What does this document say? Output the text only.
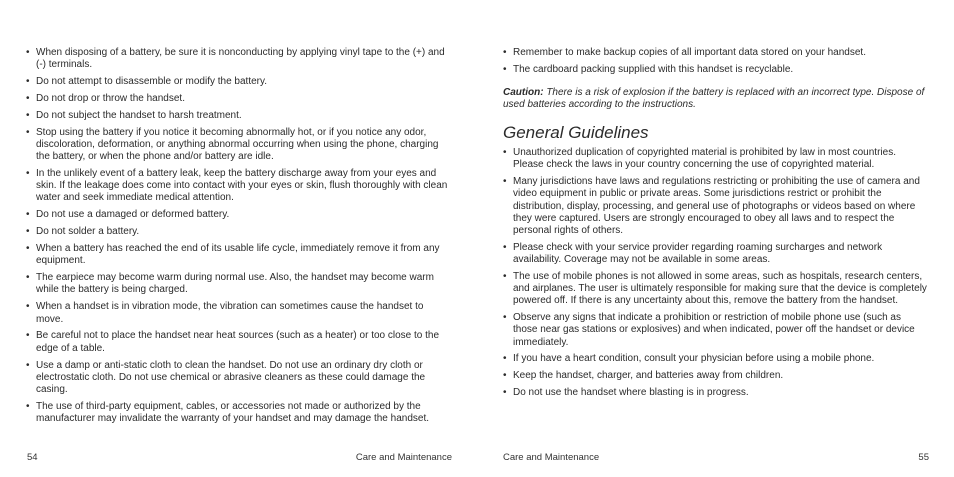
• When disposing of a battery, be sure it is nonconducting by applying vinyl tape to the (+) and (-) terminals.
• Do not attempt to disassemble or modify the battery.
• Do not drop or throw the handset.
• Do not subject the handset to harsh treatment.
• Stop using the battery if you notice it becoming abnormally hot, or if you notice any odor, discoloration, deformation, or anything abnormal occurring when using the phone, charging the battery, or when the phone and/or battery are idle.
• In the unlikely event of a battery leak, keep the battery discharge away from your eyes and skin. If the leakage does come into contact with your eyes or skin, flush thoroughly with clean water and seek immediate medical attention.
• Do not use a damaged or deformed battery.
• Do not solder a battery.
• When a battery has reached the end of its usable life cycle, immediately remove it from any equipment.
• The earpiece may become warm during normal use. Also, the handset may become warm while the battery is being charged.
• When a handset is in vibration mode, the vibration can sometimes cause the handset to move.
• Be careful not to place the handset near heat sources (such as a heater) or too close to the edge of a table.
• Use a damp or anti-static cloth to clean the handset. Do not use an ordinary dry cloth or electrostatic cloth. Do not use chemical or abrasive cleaners as these could damage the casing.
• The use of third-party equipment, cables, or accessories not made or authorized by the manufacturer may invalidate the warranty of your handset and may damage the handset.
54	Care and Maintenance
• Remember to make backup copies of all important data stored on your handset.
• The cardboard packing supplied with this handset is recyclable.
Caution: There is a risk of explosion if the battery is replaced with an incorrect type. Dispose of used batteries according to the instructions.
General Guidelines
• Unauthorized duplication of copyrighted material is prohibited by law in most countries. Please check the laws in your country concerning the use of copyrighted material.
• Many jurisdictions have laws and regulations restricting or prohibiting the use of camera and video equipment in public or private areas. Some jurisdictions restrict or prohibit the distribution, display, processing, and general use of photographs or videos based on where they were captured. Users are strongly encouraged to obey all laws and to respect the personal rights of others.
• Please check with your service provider regarding roaming surcharges and network availability. Coverage may not be available in some areas.
• The use of mobile phones is not allowed in some areas, such as hospitals, research centers, and airplanes. The user is ultimately responsible for making sure that the device is completely powered off. If there is any uncertainty about this, remove the battery from the handset.
• Observe any signs that indicate a prohibition or restriction of mobile phone use (such as those near gas stations or explosives) and when indicated, power off the handset or device immediately.
• If you have a heart condition, consult your physician before using a mobile phone.
• Keep the handset, charger, and batteries away from children.
• Do not use the handset where blasting is in progress.
Care and Maintenance	55
